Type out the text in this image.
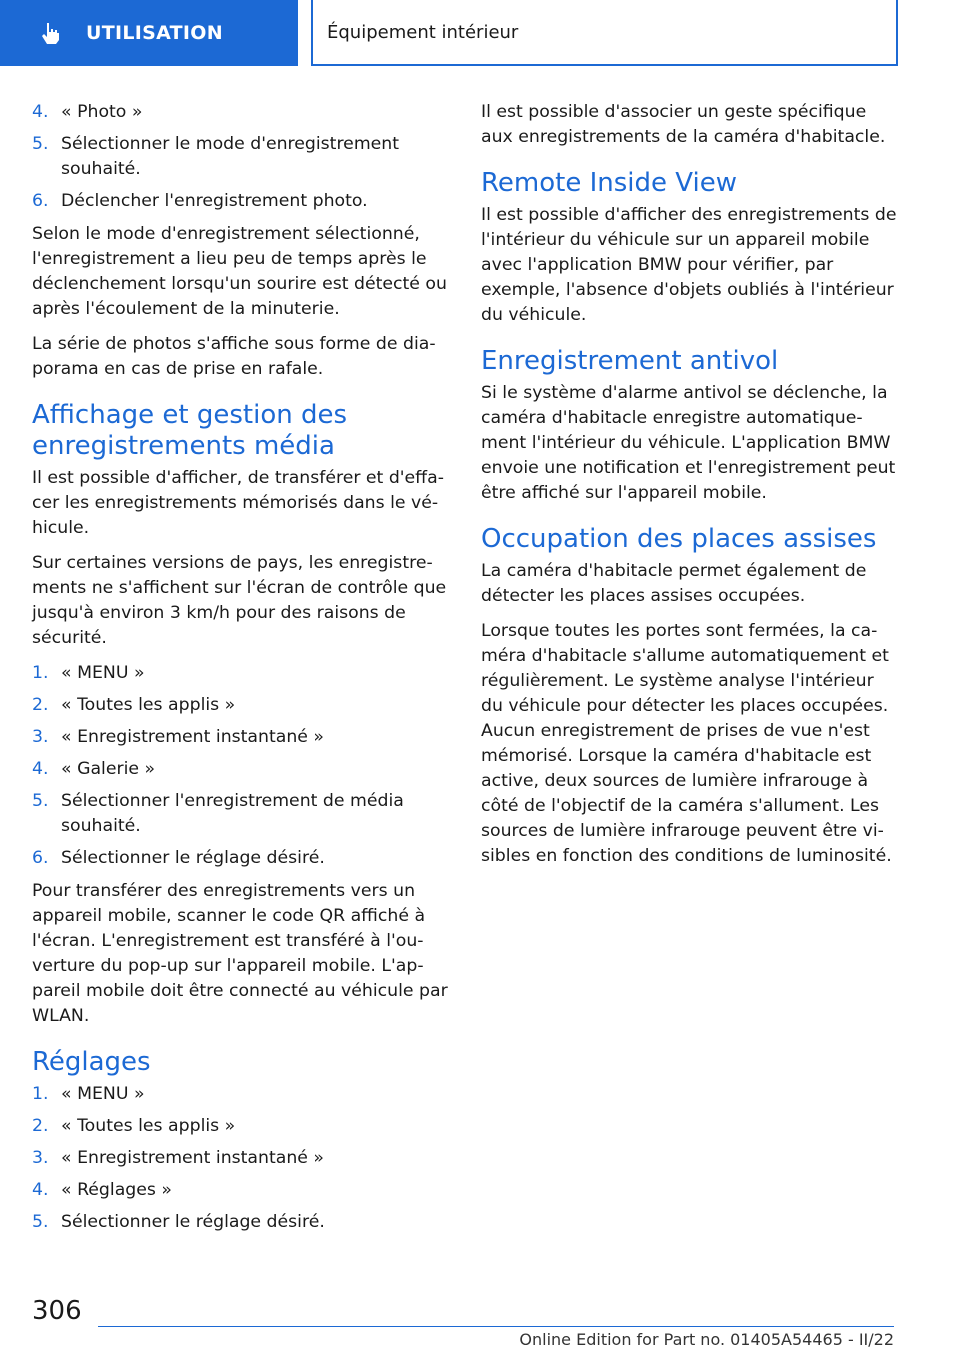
UTILISATION	Équipement intérieur
4. « Photo »
5. Sélectionner le mode d'enregistrement souhaité.
6. Déclencher l'enregistrement photo.

Selon le mode d'enregistrement sélectionné, l'enregistrement a lieu peu de temps après le déclenchement lorsqu'un sourire est détecté ou après l'écoulement de la minuterie.

La série de photos s'affiche sous forme de diaporama en cas de prise en rafale.

Affichage et gestion des enregistrements média

Il est possible d'afficher, de transférer et d'effacer les enregistrements mémorisés dans le véhicule.

Sur certaines versions de pays, les enregistrements ne s'affichent sur l'écran de contrôle que jusqu'à environ 3 km/h pour des raisons de sécurité.

1. « MENU »
2. « Toutes les applis »
3. « Enregistrement instantané »
4. « Galerie »
5. Sélectionner l'enregistrement de média souhaité.
6. Sélectionner le réglage désiré.

Pour transférer des enregistrements vers un appareil mobile, scanner le code QR affiché à l'écran. L'enregistrement est transféré à l'ouverture du pop-up sur l'appareil mobile. L'appareil mobile doit être connecté au véhicule par WLAN.

Réglages
1. « MENU »
2. « Toutes les applis »
3. « Enregistrement instantané »
4. « Réglages »
5. Sélectionner le réglage désiré.

Il est possible d'associer un geste spécifique aux enregistrements de la caméra d'habitacle.

Remote Inside View

Il est possible d'afficher des enregistrements de l'intérieur du véhicule sur un appareil mobile avec l'application BMW pour vérifier, par exemple, l'absence d'objets oubliés à l'intérieur du véhicule.

Enregistrement antivol

Si le système d'alarme antivol se déclenche, la caméra d'habitacle enregistre automatiquement l'intérieur du véhicule. L'application BMW envoie une notification et l'enregistrement peut être affiché sur l'appareil mobile.

Occupation des places assises

La caméra d'habitacle permet également de détecter les places assises occupées.

Lorsque toutes les portes sont fermées, la caméra d'habitacle s'allume automatiquement et régulièrement. Le système analyse l'intérieur du véhicule pour détecter les places occupées. Aucun enregistrement de prises de vue n'est mémorisé. Lorsque la caméra d'habitacle est active, deux sources de lumière infrarouge à côté de l'objectif de la caméra s'allument. Les sources de lumière infrarouge peuvent être visibles en fonction des conditions de luminosité.

306
Online Edition for Part no. 01405A54465 - II/22
